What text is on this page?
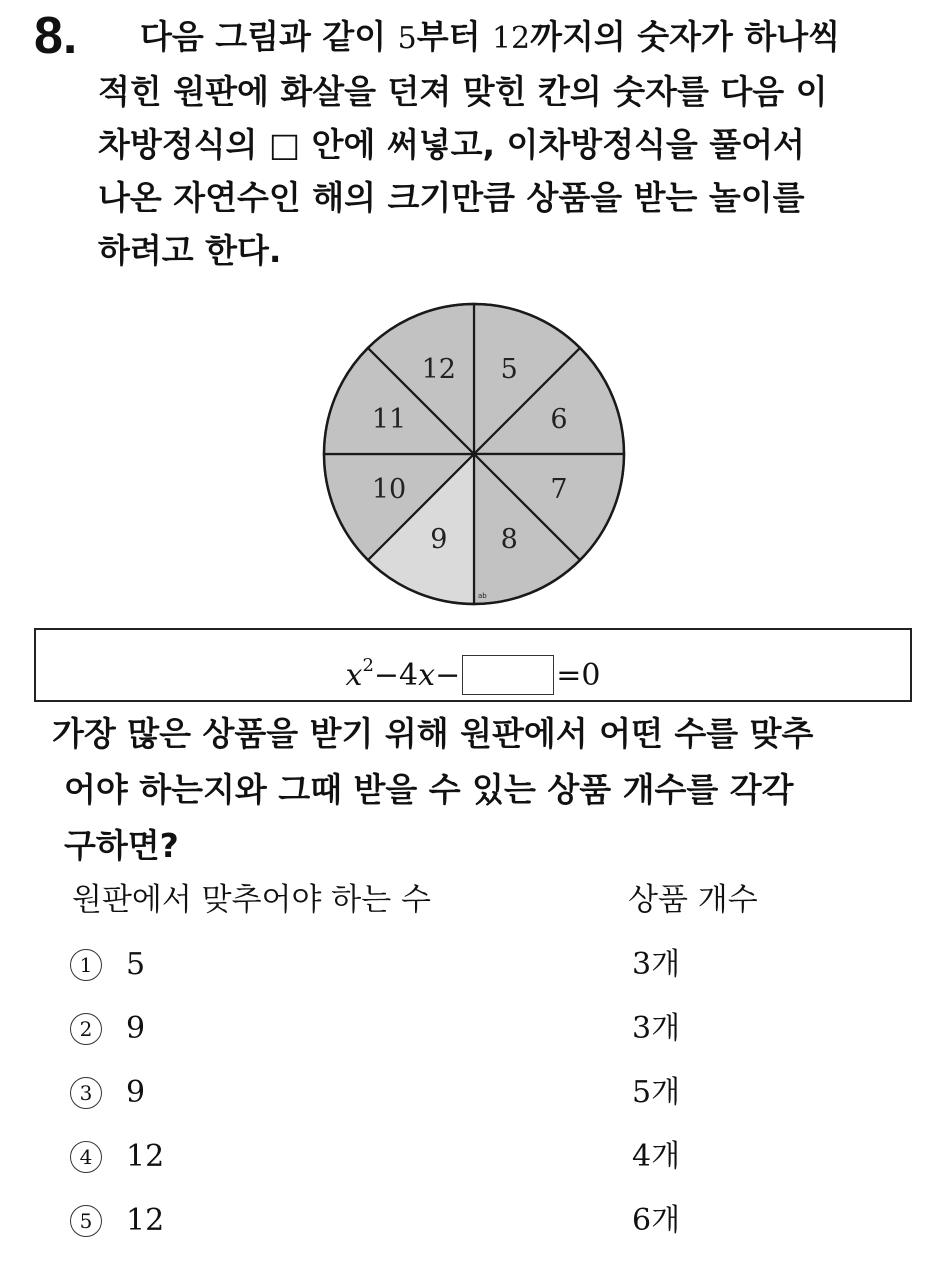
8.	다음 그림과 같이 5부터 12까지의 숫자가 하나씩
적힌 원판에 화살을 던져 맞힌 칸의 숫자를 다음 이
차방정식의 □ 안에 써넣고, 이차방정식을 풀어서
나온 자연수인 해의 크기만큼 상품을 받는 놀이를
하려고 한다.
5
6
7
8
9
10
11
12
ab
$x^2-4x-$	=0
가장 많은 상품을 받기 위해 원판에서 어떤 수를 맞추
어야 하는지와 그때 받을 수 있는 상품 개수를 각각
구하면?
원판에서 맞추어야 하는 수	상품 개수
1	5	3개
2	9	3개
3	9	5개
4	12	4개
5	12	6개
